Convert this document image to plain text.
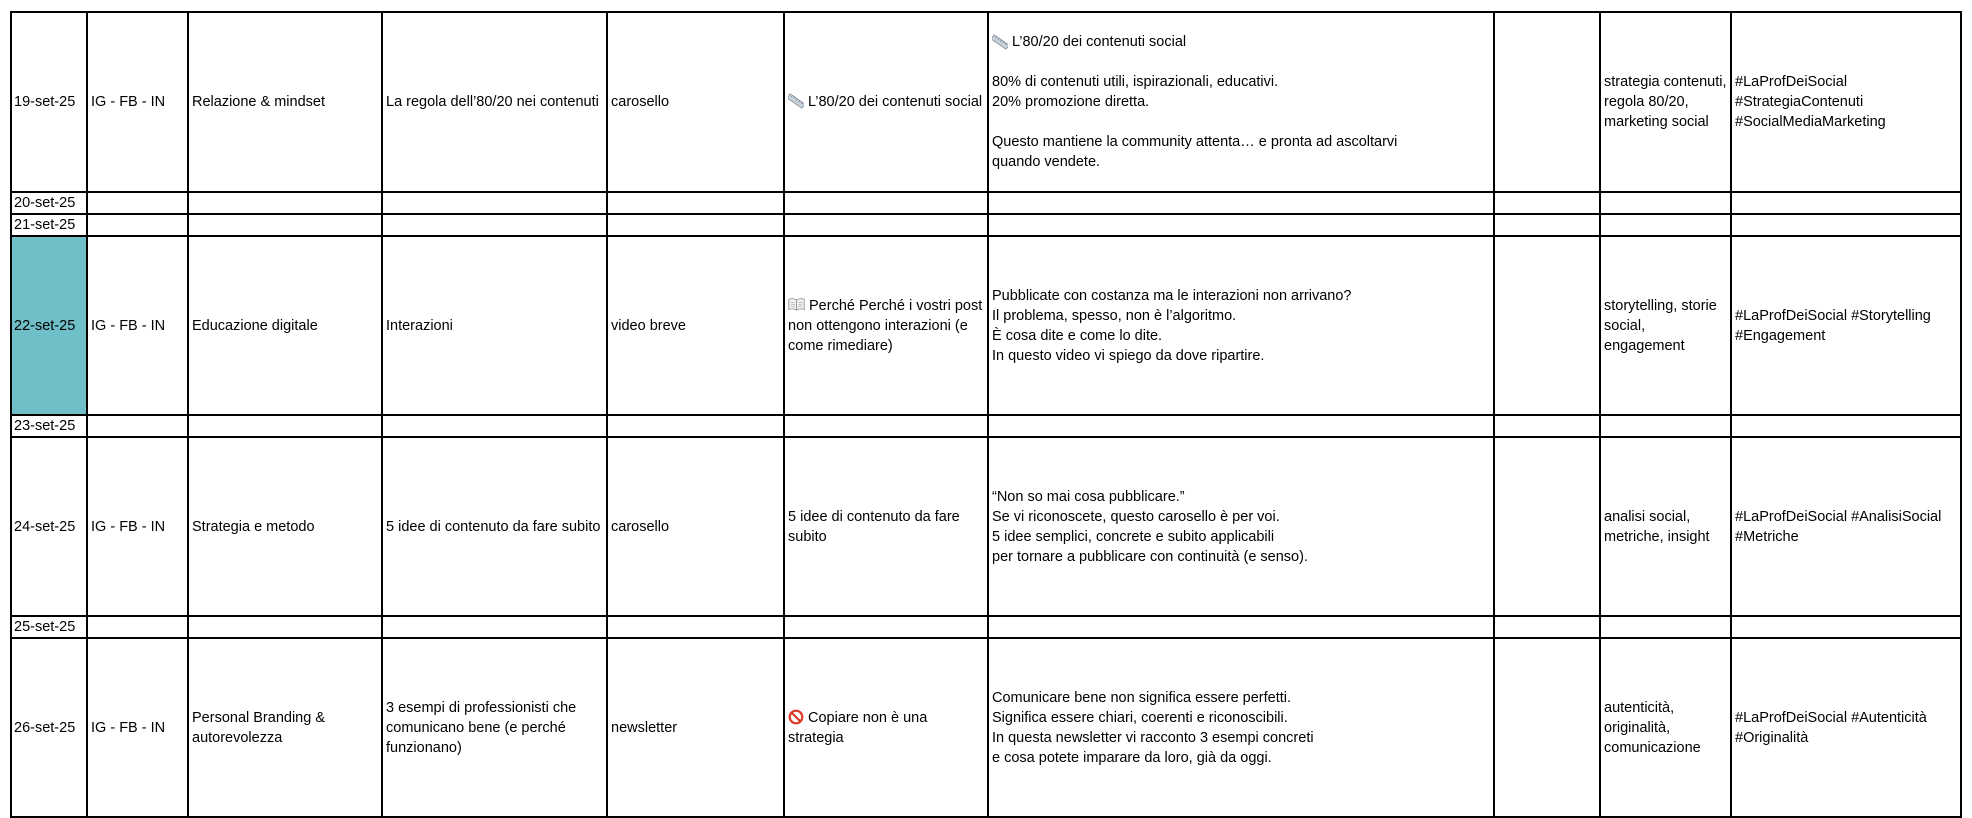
19-set-25	IG - FB - IN	Relazione & mindset	La regola dell’80/20 nei contenuti	carosello	L’80/20 dei contenuti social	L’80/20 dei contenuti social

80% di contenuti utili, ispirazionali, educativi.
20% promozione diretta.

Questo mantiene la community attenta… e pronta ad ascoltarvi
quando vendete.		strategia contenuti, regola 80/20, marketing social	#LaProfDeiSocial #StrategiaContenuti #SocialMediaMarketing
20-set-25									
21-set-25									
22-set-25	IG - FB - IN	Educazione digitale	Interazioni	video breve	Perché Perché i vostri post non ottengono interazioni (e come rimediare)	Pubblicate con costanza ma le interazioni non arrivano?
Il problema, spesso, non è l’algoritmo.
È cosa dite e come lo dite.
In questo video vi spiego da dove ripartire.		storytelling, storie social, engagement	#LaProfDeiSocial #Storytelling #Engagement
23-set-25									
24-set-25	IG - FB - IN	Strategia e metodo	5 idee di contenuto da fare subito	carosello	5 idee di contenuto da fare subito	“Non so mai cosa pubblicare.”
Se vi riconoscete, questo carosello è per voi.
5 idee semplici, concrete e subito applicabili
per tornare a pubblicare con continuità (e senso).		analisi social, metriche, insight	#LaProfDeiSocial #AnalisiSocial #Metriche
25-set-25									
26-set-25	IG - FB - IN	Personal Branding & autorevolezza	3 esempi di professionisti che comunicano bene (e perché funzionano)	newsletter	Copiare non è una strategia	Comunicare bene non significa essere perfetti.
Significa essere chiari, coerenti e riconoscibili.
In questa newsletter vi racconto 3 esempi concreti
e cosa potete imparare da loro, già da oggi.		autenticità, originalità, comunicazione	#LaProfDeiSocial #Autenticità #Originalità
